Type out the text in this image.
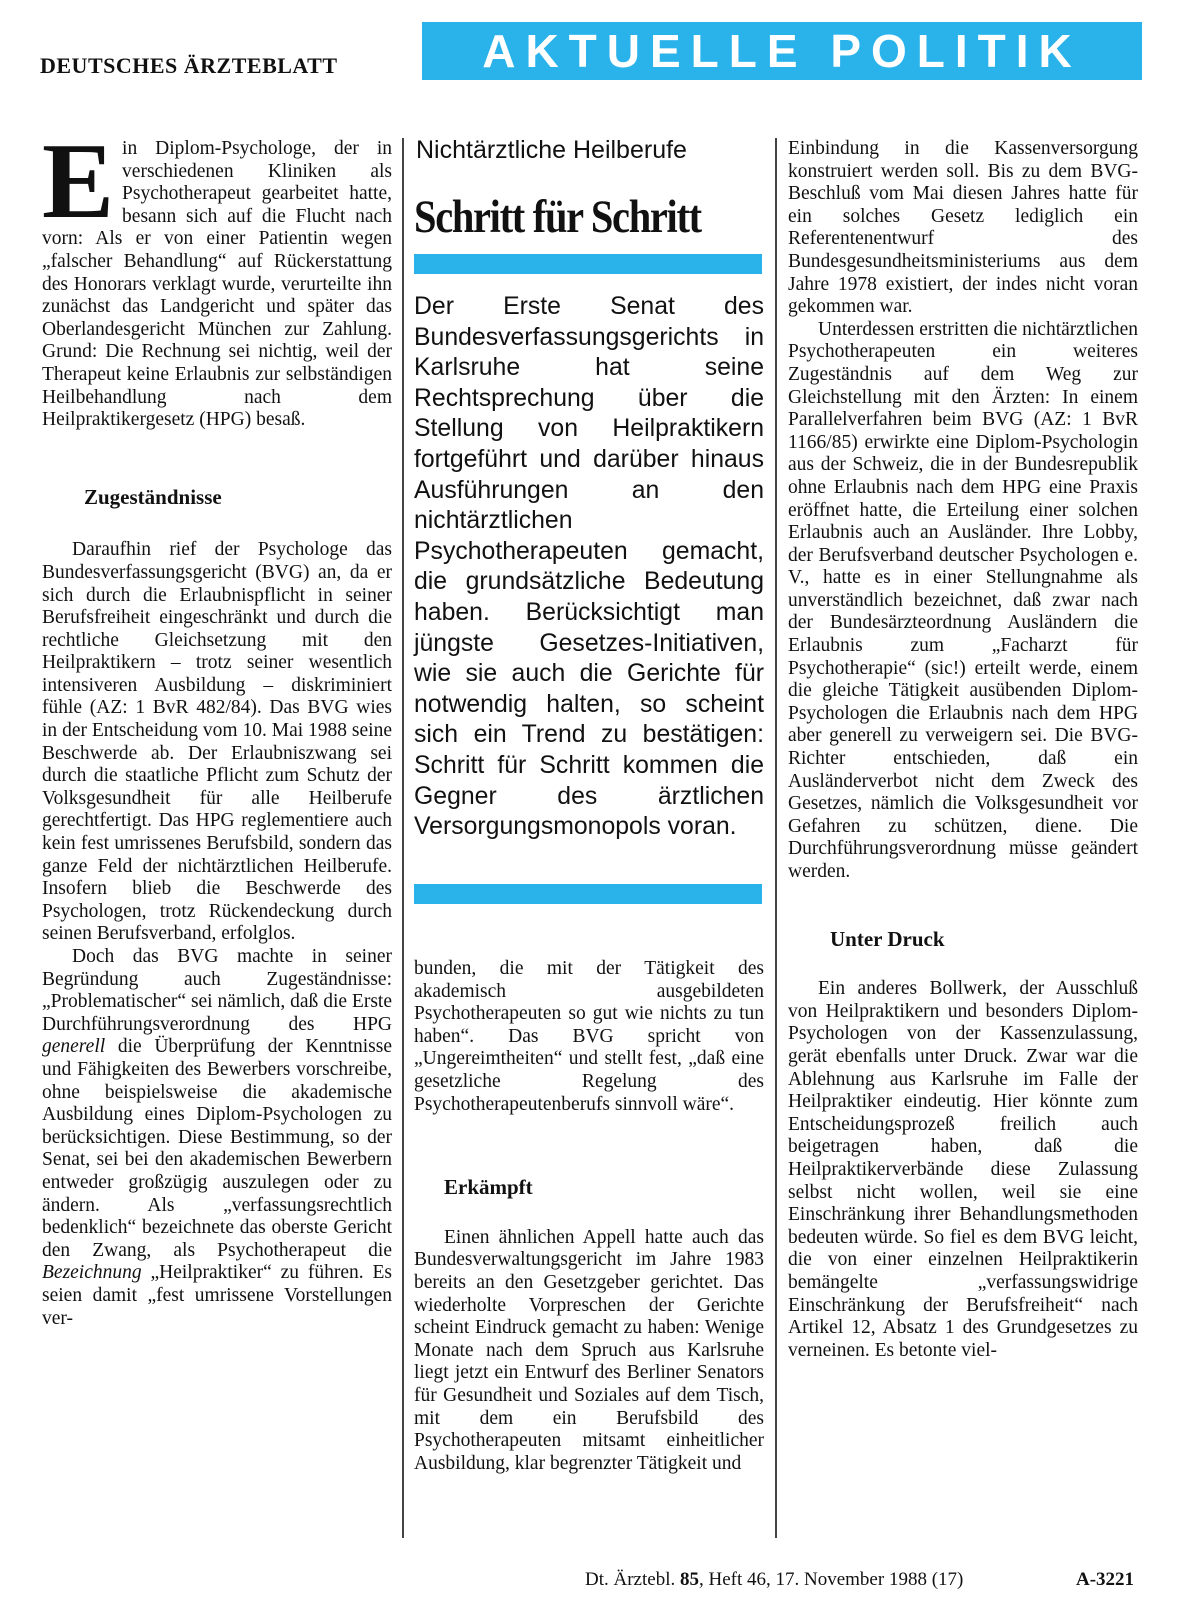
DEUTSCHES ÄRZTEBLATT	AKTUELLE POLITIK
E in Diplom-Psychologe, der in verschiedenen Kliniken als Psychotherapeut gearbeitet hatte, besann sich auf die Flucht nach vorn: Als er von einer Patientin wegen „falscher Behandlung“ auf Rückerstattung des Honorars verklagt wurde, verurteilte ihn zunächst das Landgericht und später das Oberlandesgericht München zur Zahlung. Grund: Die Rechnung sei nichtig, weil der Therapeut keine Erlaubnis zur selbständigen Heilbehandlung nach dem Heilpraktikergesetz (HPG) besaß.

Zugeständnisse

Daraufhin rief der Psychologe das Bundesverfassungsgericht (BVG) an, da er sich durch die Erlaubnispflicht in seiner Berufsfreiheit eingeschränkt und durch die rechtliche Gleichsetzung mit den Heilpraktikern – trotz seiner wesentlich intensiveren Ausbildung – diskriminiert fühle (AZ: 1 BvR 482/84). Das BVG wies in der Entscheidung vom 10. Mai 1988 seine Beschwerde ab. Der Erlaubniszwang sei durch die staatliche Pflicht zum Schutz der Volksgesundheit für alle Heilberufe gerechtfertigt. Das HPG reglementiere auch kein fest umrissenes Berufsbild, sondern das ganze Feld der nichtärztlichen Heilberufe. Insofern blieb die Beschwerde des Psychologen, trotz Rückendeckung durch seinen Berufsverband, erfolglos.

Doch das BVG machte in seiner Begründung auch Zugeständnisse: „Problematischer“ sei nämlich, daß die Erste Durchführungsverordnung des HPG generell die Überprüfung der Kenntnisse und Fähigkeiten des Bewerbers vorschreibe, ohne beispielsweise die akademische Ausbildung eines Diplom-Psychologen zu berücksichtigen. Diese Bestimmung, so der Senat, sei bei den akademischen Bewerbern entweder großzügig auszulegen oder zu ändern. Als „verfassungsrechtlich bedenklich“ bezeichnete das oberste Gericht den Zwang, als Psychotherapeut die Bezeichnung „Heilpraktiker“ zu führen. Es seien damit „fest umrissene Vorstellungen ver-

Nichtärztliche Heilberufe
Schritt für Schritt
Der Erste Senat des Bundesverfassungsgerichts in Karlsruhe hat seine Rechtsprechung über die Stellung von Heilpraktikern fortgeführt und darüber hinaus Ausführungen an den nichtärztlichen Psychotherapeuten gemacht, die grundsätzliche Bedeutung haben. Berücksichtigt man jüngste Gesetzes-Initiativen, wie sie auch die Gerichte für notwendig halten, so scheint sich ein Trend zu bestätigen: Schritt für Schritt kommen die Gegner des ärztlichen Versorgungsmonopols voran.

bunden, die mit der Tätigkeit des akademisch ausgebildeten Psychotherapeuten so gut wie nichts zu tun haben“. Das BVG spricht von „Ungereimtheiten“ und stellt fest, „daß eine gesetzliche Regelung des Psychotherapeutenberufs sinnvoll wäre“.

Erkämpft

Einen ähnlichen Appell hatte auch das Bundesverwaltungsgericht im Jahre 1983 bereits an den Gesetzgeber gerichtet. Das wiederholte Vorpreschen der Gerichte scheint Eindruck gemacht zu haben: Wenige Monate nach dem Spruch aus Karlsruhe liegt jetzt ein Entwurf des Berliner Senators für Gesundheit und Soziales auf dem Tisch, mit dem ein Berufsbild des Psychotherapeuten mitsamt einheitlicher Ausbildung, klar begrenzter Tätigkeit und

Einbindung in die Kassenversorgung konstruiert werden soll. Bis zu dem BVG-Beschluß vom Mai diesen Jahres hatte für ein solches Gesetz lediglich ein Referentenentwurf des Bundesgesundheitsministeriums aus dem Jahre 1978 existiert, der indes nicht voran gekommen war.

Unterdessen erstritten die nichtärztlichen Psychotherapeuten ein weiteres Zugeständnis auf dem Weg zur Gleichstellung mit den Ärzten: In einem Parallelverfahren beim BVG (AZ: 1 BvR 1166/85) erwirkte eine Diplom-Psychologin aus der Schweiz, die in der Bundesrepublik ohne Erlaubnis nach dem HPG eine Praxis eröffnet hatte, die Erteilung einer solchen Erlaubnis auch an Ausländer. Ihre Lobby, der Berufsverband deutscher Psychologen e. V., hatte es in einer Stellungnahme als unverständlich bezeichnet, daß zwar nach der Bundesärzteordnung Ausländern die Erlaubnis zum „Facharzt für Psychotherapie“ (sic!) erteilt werde, einem die gleiche Tätigkeit ausübenden Diplom-Psychologen die Erlaubnis nach dem HPG aber generell zu verweigern sei. Die BVG-Richter entschieden, daß ein Ausländerverbot nicht dem Zweck des Gesetzes, nämlich die Volksgesundheit vor Gefahren zu schützen, diene. Die Durchführungsverordnung müsse geändert werden.

Unter Druck

Ein anderes Bollwerk, der Ausschluß von Heilpraktikern und besonders Diplom-Psychologen von der Kassenzulassung, gerät ebenfalls unter Druck. Zwar war die Ablehnung aus Karlsruhe im Falle der Heilpraktiker eindeutig. Hier könnte zum Entscheidungsprozeß freilich auch beigetragen haben, daß die Heilpraktikerverbände diese Zulassung selbst nicht wollen, weil sie eine Einschränkung ihrer Behandlungsmethoden bedeuten würde. So fiel es dem BVG leicht, die von einer einzelnen Heilpraktikerin bemängelte „verfassungswidrige Einschränkung der Berufsfreiheit“ nach Artikel 12, Absatz 1 des Grundgesetzes zu verneinen. Es betonte viel-

Dt. Ärztebl. 85, Heft 46, 17. November 1988 (17)	A-3221
